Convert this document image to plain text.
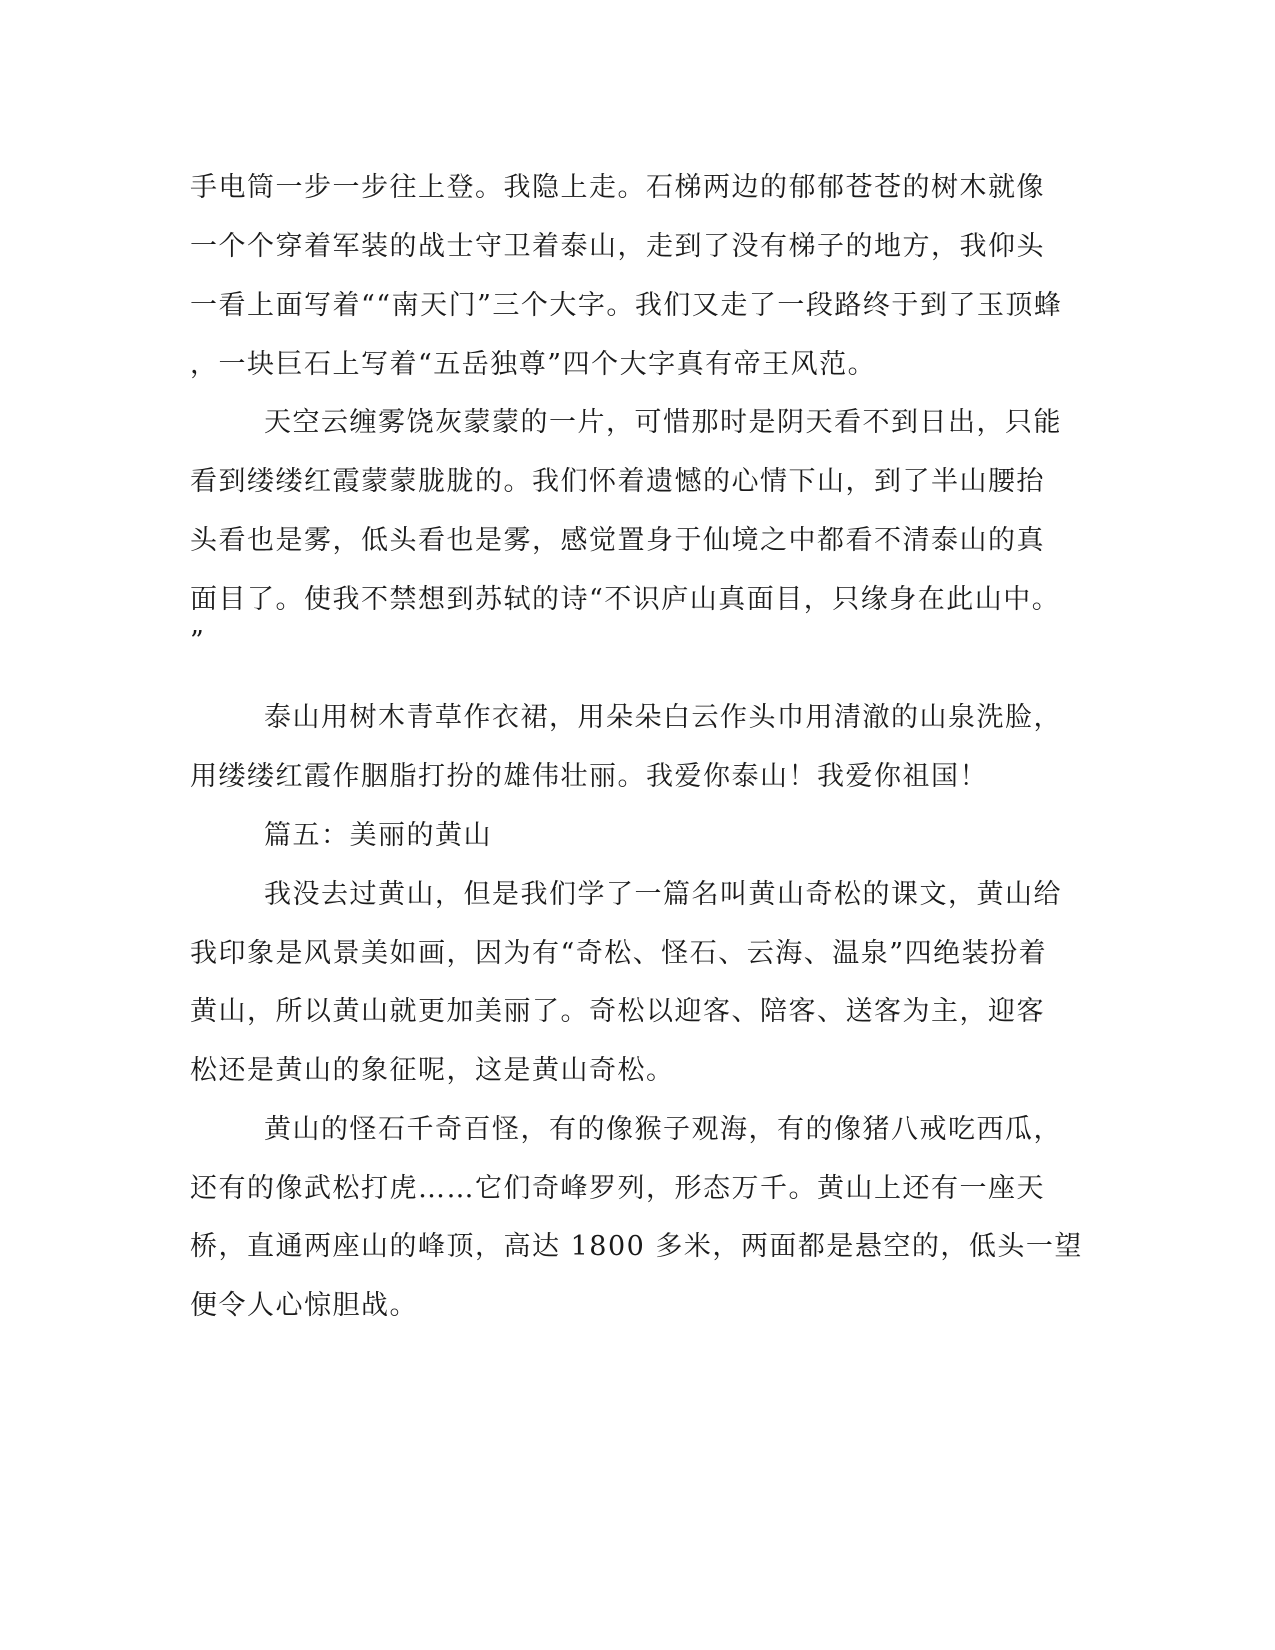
手电筒一步一步往上登。我隐上走。石梯两边的郁郁苍苍的树木就像
一个个穿着军装的战士守卫着泰山，走到了没有梯子的地方，我仰头
一看上面写着““南天门”三个大字。我们又走了一段路终于到了玉顶蜂
，一块巨石上写着“五岳独尊”四个大字真有帝王风范。
天空云缠雾饶灰蒙蒙的一片，可惜那时是阴天看不到日出，只能
看到缕缕红霞蒙蒙胧胧的。我们怀着遗憾的心情下山，到了半山腰抬
头看也是雾，低头看也是雾，感觉置身于仙境之中都看不清泰山的真
面目了。使我不禁想到苏轼的诗“不识庐山真面目，只缘身在此山中。
”
泰山用树木青草作衣裙，用朵朵白云作头巾用清澈的山泉洗脸，
用缕缕红霞作胭脂打扮的雄伟壮丽。我爱你泰山！我爱你祖国！
篇五：美丽的黄山
我没去过黄山，但是我们学了一篇名叫黄山奇松的课文，黄山给
我印象是风景美如画，因为有“奇松、怪石、云海、温泉”四绝装扮着
黄山，所以黄山就更加美丽了。奇松以迎客、陪客、送客为主，迎客
松还是黄山的象征呢，这是黄山奇松。
黄山的怪石千奇百怪，有的像猴子观海，有的像猪八戒吃西瓜，
还有的像武松打虎……它们奇峰罗列，形态万千。黄山上还有一座天
桥，直通两座山的峰顶，高达 1800 多米，两面都是悬空的，低头一望
便令人心惊胆战。
